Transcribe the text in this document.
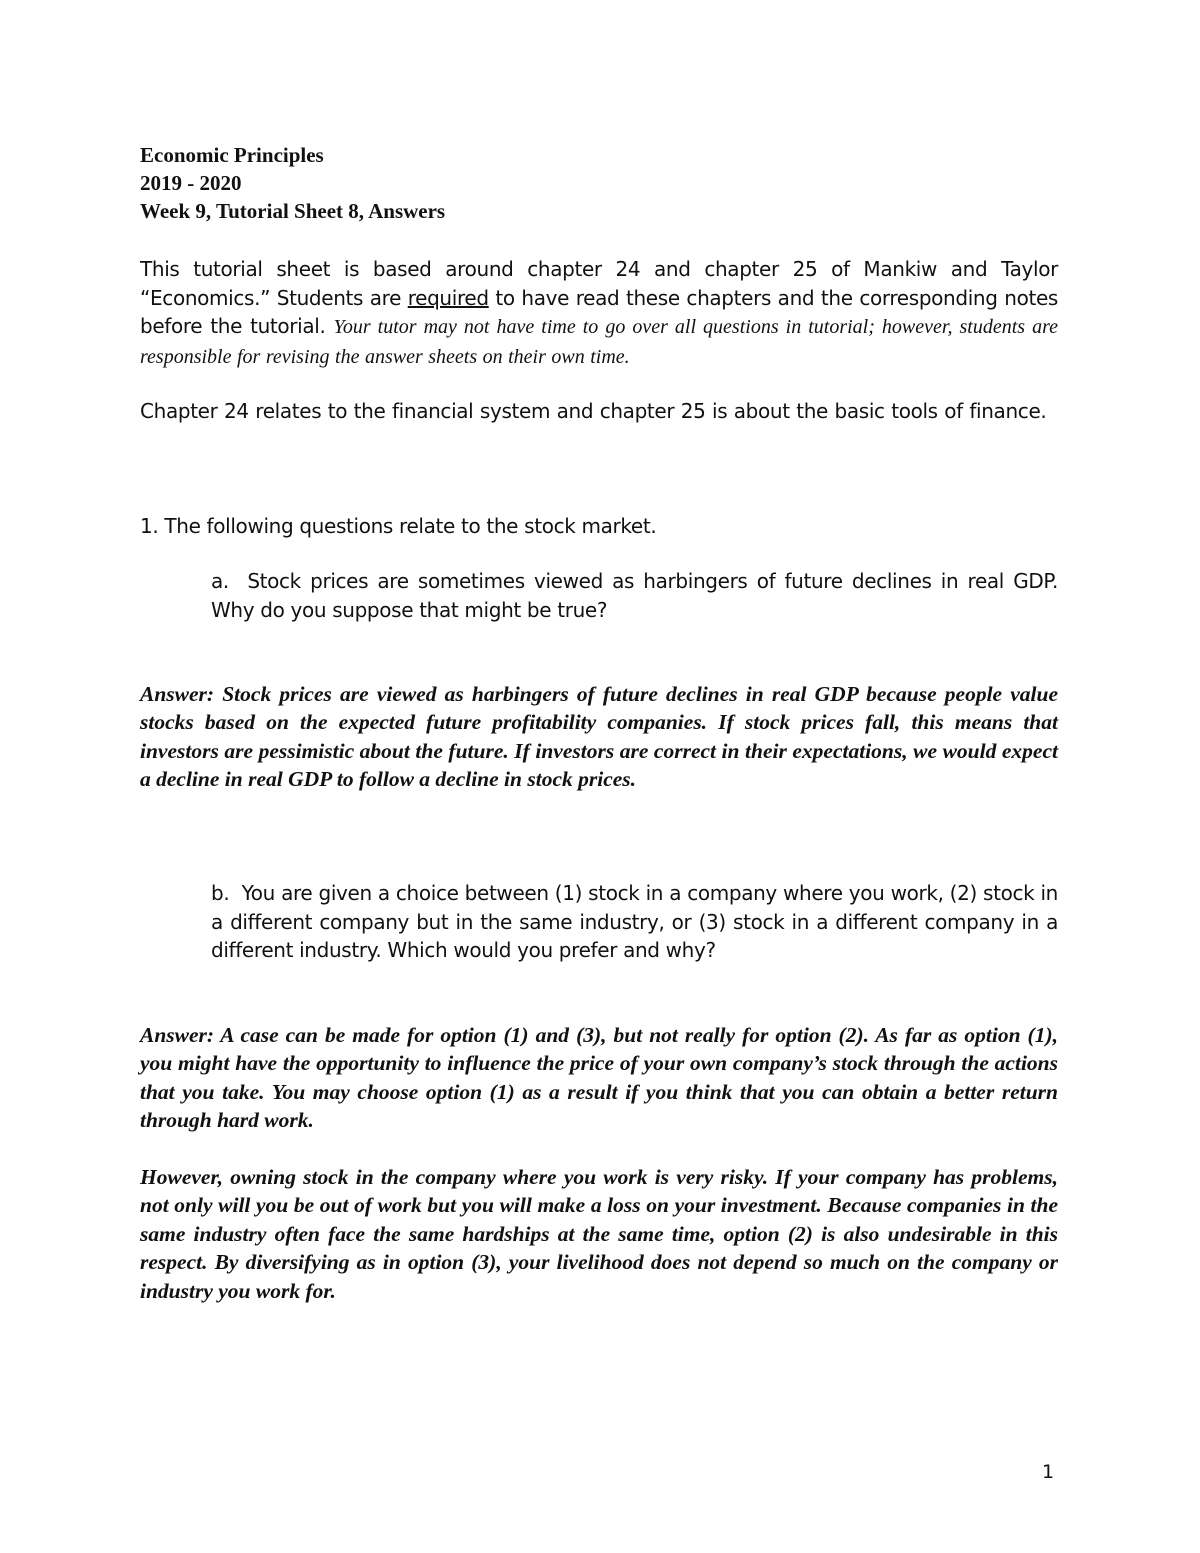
Economic Principles

2019 - 2020

Week 9, Tutorial Sheet 8, Answers

This tutorial sheet is based around chapter 24 and chapter 25 of Mankiw and Taylor “Economics.” Students are required to have read these chapters and the corresponding notes before the tutorial. Your tutor may not have time to go over all questions in tutorial; however, students are responsible for revising the answer sheets on their own time.

Chapter 24 relates to the financial system and chapter 25 is about the basic tools of finance.

1. The following questions relate to the stock market.

a. Stock prices are sometimes viewed as harbingers of future declines in real GDP. Why do you suppose that might be true?

Answer: Stock prices are viewed as harbingers of future declines in real GDP because people value stocks based on the expected future profitability companies. If stock prices fall, this means that investors are pessimistic about the future. If investors are correct in their expectations, we would expect a decline in real GDP to follow a decline in stock prices.

b. You are given a choice between (1) stock in a company where you work, (2) stock in a different company but in the same industry, or (3) stock in a different company in a different industry. Which would you prefer and why?

Answer: A case can be made for option (1) and (3), but not really for option (2). As far as option (1), you might have the opportunity to influence the price of your own company’s stock through the actions that you take. You may choose option (1) as a result if you think that you can obtain a better return through hard work.

However, owning stock in the company where you work is very risky. If your company has problems, not only will you be out of work but you will make a loss on your investment. Because companies in the same industry often face the same hardships at the same time, option (2) is also undesirable in this respect. By diversifying as in option (3), your livelihood does not depend so much on the company or industry you work for.

1
